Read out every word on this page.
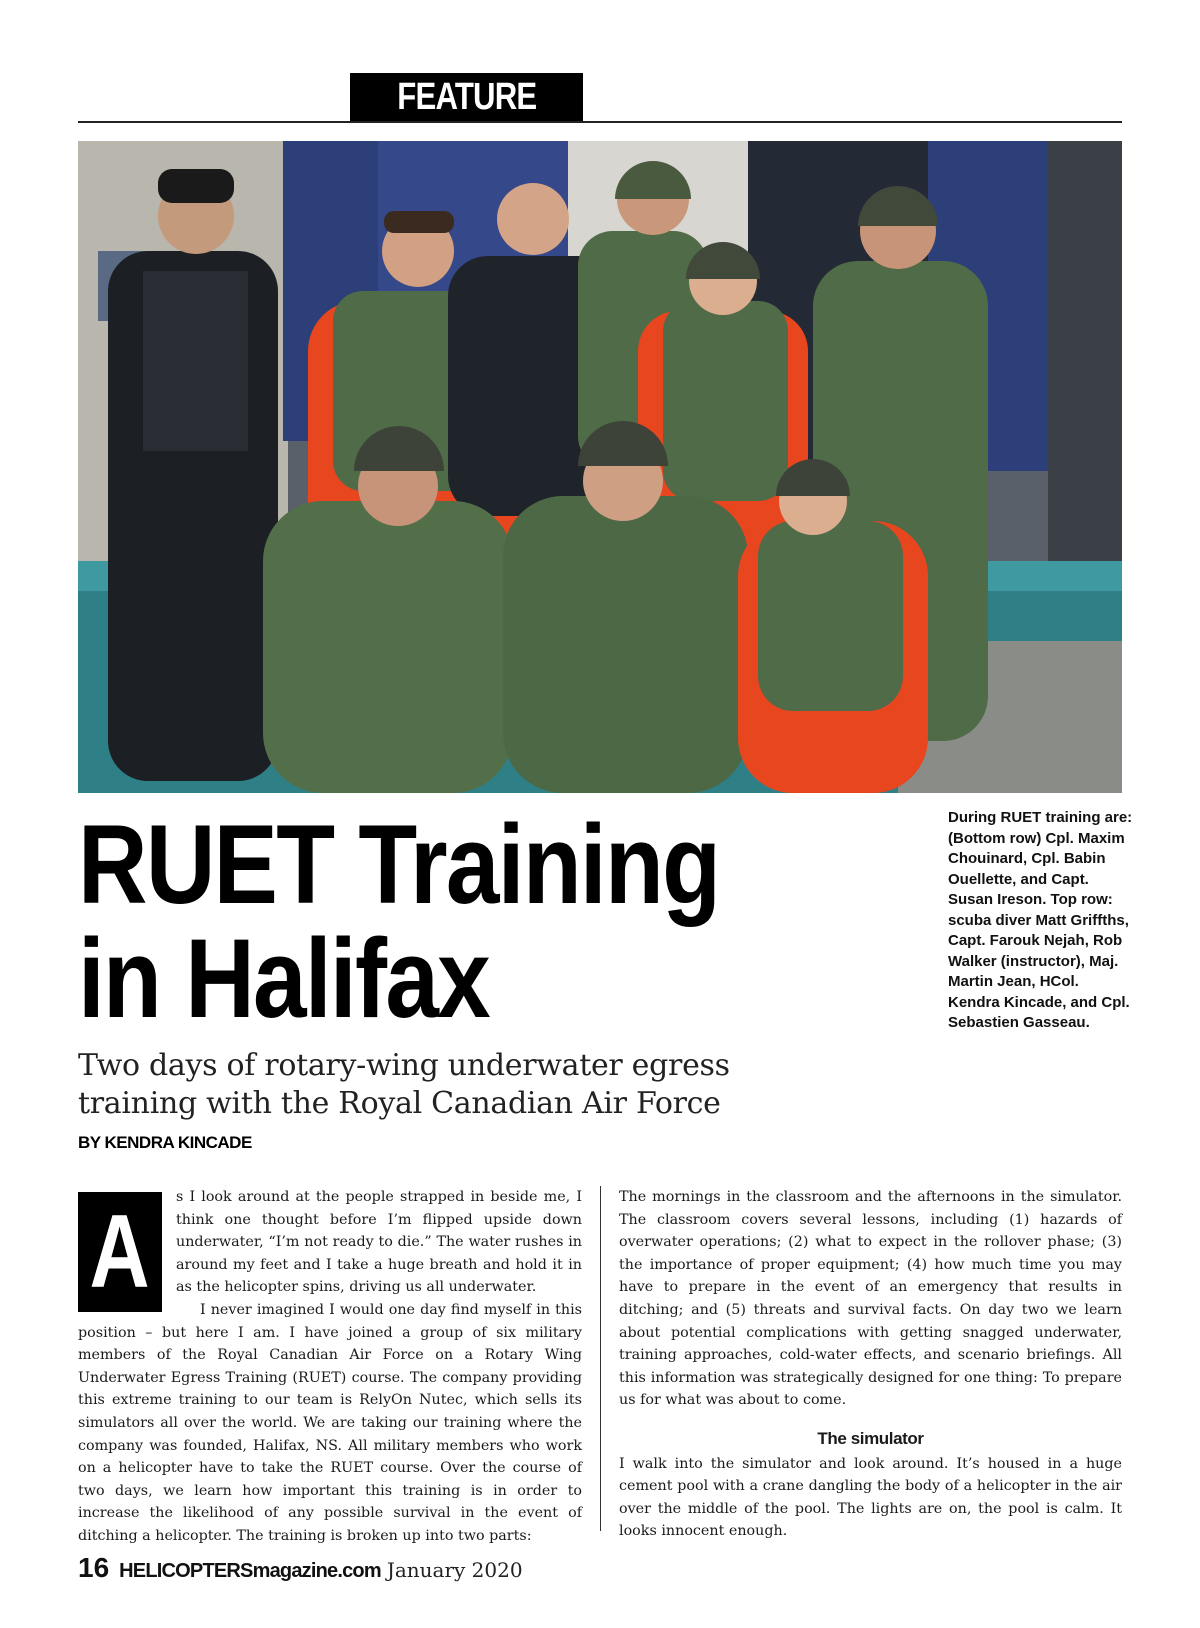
FEATURE
RUET Training
in Halifax
During RUET training are: (Bottom row) Cpl. Maxim Chouinard, Cpl. Babin Ouellette, and Capt. Susan Ireson. Top row: scuba diver Matt Griffths, Capt. Farouk Nejah, Rob Walker (instructor), Maj. Martin Jean, HCol. Kendra Kincade, and Cpl. Sebastien Gasseau.
Two days of rotary-wing underwater egress training with the Royal Canadian Air Force
BY KENDRA KINCADE
A	s I look around at the people strapped in beside me, I think one thought before I’m flipped upside down underwater, “I’m not ready to die.” The water rushes in around my feet and I take a huge breath and hold it in as the helicopter spins, driving us all underwater.

I never imagined I would one day find myself in this position – but here I am. I have joined a group of six military members of the Royal Canadian Air Force on a Rotary Wing Underwater Egress Training (RUET) course. The company providing this extreme training to our team is RelyOn Nutec, which sells its simulators all over the world. We are taking our training where the company was founded, Halifax, NS. All military members who work on a helicopter have to take the RUET course. Over the course of two days, we learn how important this training is in order to increase the likelihood of any possible survival in the event of ditching a helicopter. The training is broken up into two parts:

The mornings in the classroom and the afternoons in the simulator. The classroom covers several lessons, including (1) hazards of overwater operations; (2) what to expect in the rollover phase; (3) the importance of proper equipment; (4) how much time you may have to prepare in the event of an emergency that results in ditching; and (5) threats and survival facts. On day two we learn about potential complications with getting snagged underwater, training approaches, cold-water effects, and scenario briefings. All this information was strategically designed for one thing: To prepare us for what was about to come.

The simulator

I walk into the simulator and look around. It’s housed in a huge cement pool with a crane dangling the body of a helicopter in the air over the middle of the pool. The lights are on, the pool is calm. It looks innocent enough.

16 HELICOPTERSmagazine.com January 2020
